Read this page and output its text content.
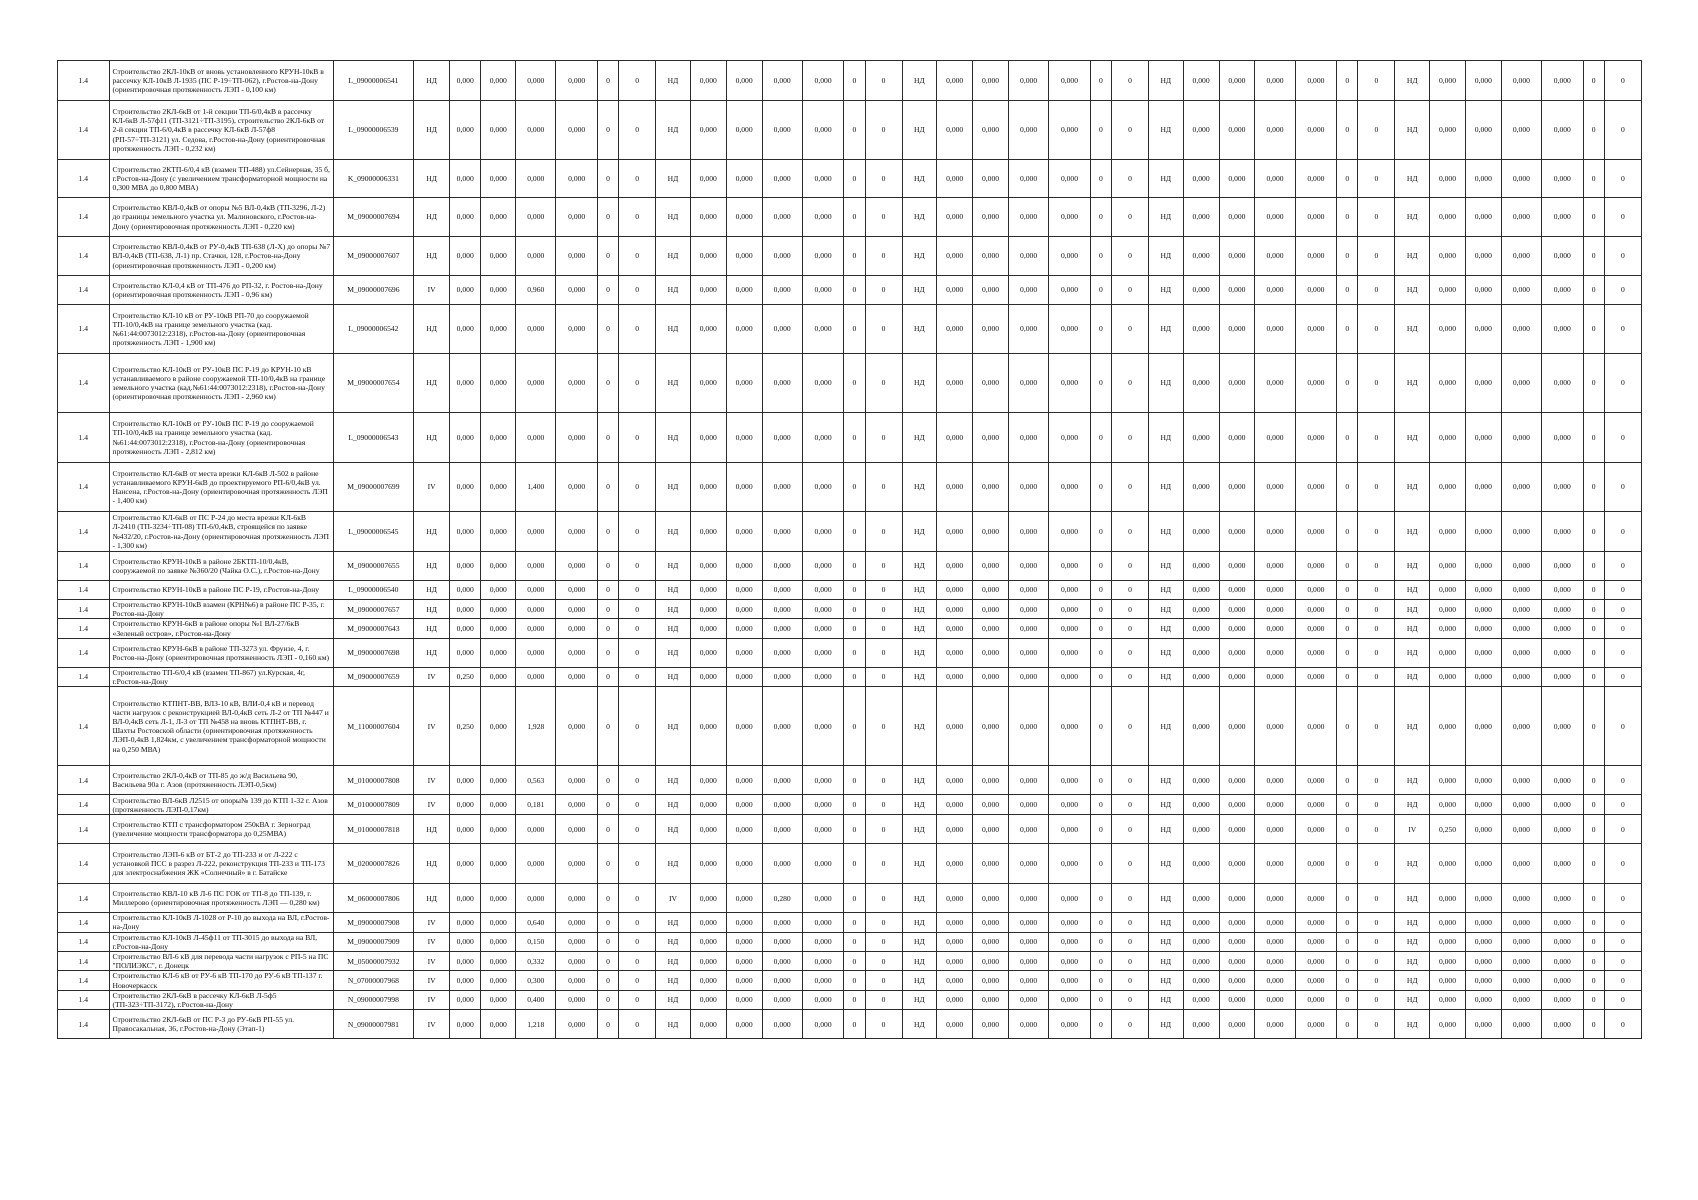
1.4	Строительство 2КЛ-10кВ от вновь установленного КРУН-10кВ в рассечку КЛ-10кВ Л-1935 (ПС Р-19÷ТП-062), г.Ростов-на-Дону (ориентировочная протяженность ЛЭП - 0,100 км)	L_09000006541	НД	0,000	0,000	0,000	0,000	0	0	НД	0,000	0,000	0,000	0,000	0	0	НД	0,000	0,000	0,000	0,000	0	0	НД	0,000	0,000	0,000	0,000	0	0	НД	0,000	0,000	0,000	0,000	0	0
1.4	Строительство 2КЛ-6кВ от 1-й секции ТП-6/0,4кВ в рассечку КЛ-6кВ Л-57ф11 (ТП-3121÷ТП-3195), строительство 2КЛ-6кВ от 2-й секции ТП-6/0,4кВ в рассечку КЛ-6кВ Л-57ф8 (РП-57÷ТП-3121) ул. Седова, г.Ростов-на-Дону (ориентировочная протяженность ЛЭП - 0,232 км)	L_09000006539	НД	0,000	0,000	0,000	0,000	0	0	НД	0,000	0,000	0,000	0,000	0	0	НД	0,000	0,000	0,000	0,000	0	0	НД	0,000	0,000	0,000	0,000	0	0	НД	0,000	0,000	0,000	0,000	0	0
1.4	Строительство 2КТП-6/0,4 кВ (взамен ТП-488) ул.Сейнерная, 35 б, г.Ростов-на-Дону (с увеличением трансформаторной мощности на 0,300 МВА до 0,800 МВА)	K_09000006331	НД	0,000	0,000	0,000	0,000	0	0	НД	0,000	0,000	0,000	0,000	0	0	НД	0,000	0,000	0,000	0,000	0	0	НД	0,000	0,000	0,000	0,000	0	0	НД	0,000	0,000	0,000	0,000	0	0
1.4	Строительство КВЛ-0,4кВ от опоры №5 ВЛ-0,4кВ (ТП-3296, Л-2) до границы земельного участка ул. Малиновского, г.Ростов-на-Дону (ориентировочная протяженность ЛЭП - 0,220 км)	M_09000007694	НД	0,000	0,000	0,000	0,000	0	0	НД	0,000	0,000	0,000	0,000	0	0	НД	0,000	0,000	0,000	0,000	0	0	НД	0,000	0,000	0,000	0,000	0	0	НД	0,000	0,000	0,000	0,000	0	0
1.4	Строительство КВЛ-0,4кВ от РУ-0,4кВ ТП-638 (Л-Х) до опоры №7 ВЛ-0,4кВ (ТП-638, Л-1) пр. Стачки, 128, г.Ростов-на-Дону (ориентировочная протяженность ЛЭП - 0,200 км)	M_09000007607	НД	0,000	0,000	0,000	0,000	0	0	НД	0,000	0,000	0,000	0,000	0	0	НД	0,000	0,000	0,000	0,000	0	0	НД	0,000	0,000	0,000	0,000	0	0	НД	0,000	0,000	0,000	0,000	0	0
1.4	Строительство КЛ-0,4 кВ от ТП-476 до РП-32, г. Ростов-на-Дону (ориентировочная протяженность ЛЭП - 0,96 км)	M_09000007696	IV	0,000	0,000	0,960	0,000	0	0	НД	0,000	0,000	0,000	0,000	0	0	НД	0,000	0,000	0,000	0,000	0	0	НД	0,000	0,000	0,000	0,000	0	0	НД	0,000	0,000	0,000	0,000	0	0
1.4	Строительство КЛ-10 кВ от РУ-10кВ РП-70 до сооружаемой ТП-10/0,4кВ на границе земельного участка (кад.№61:44:0073012:2318), г.Ростов-на-Дону (ориентировочная протяженность ЛЭП - 1,900 км)	L_09000006542	НД	0,000	0,000	0,000	0,000	0	0	НД	0,000	0,000	0,000	0,000	0	0	НД	0,000	0,000	0,000	0,000	0	0	НД	0,000	0,000	0,000	0,000	0	0	НД	0,000	0,000	0,000	0,000	0	0
1.4	Строительство КЛ-10кВ от РУ-10кВ ПС Р-19 до КРУН-10 кВ устанавливаемого в районе сооружаемой ТП-10/0,4кВ на границе земельного участка (кад.№61:44:0073012:2318), г.Ростов-на-Дону (ориентировочная протяженность ЛЭП - 2,960 км)	M_09000007654	НД	0,000	0,000	0,000	0,000	0	0	НД	0,000	0,000	0,000	0,000	0	0	НД	0,000	0,000	0,000	0,000	0	0	НД	0,000	0,000	0,000	0,000	0	0	НД	0,000	0,000	0,000	0,000	0	0
1.4	Строительство КЛ-10кВ от РУ-10кВ ПС Р-19 до сооружаемой ТП-10/0,4кВ на границе земельного участка (кад.№61:44:0073012:2318), г.Ростов-на-Дону (ориентировочная протяженность ЛЭП - 2,812 км)	L_09000006543	НД	0,000	0,000	0,000	0,000	0	0	НД	0,000	0,000	0,000	0,000	0	0	НД	0,000	0,000	0,000	0,000	0	0	НД	0,000	0,000	0,000	0,000	0	0	НД	0,000	0,000	0,000	0,000	0	0
1.4	Строительство КЛ-6кВ от места врезки КЛ-6кВ Л-502 в районе устанавливаемого КРУН-6кВ до проектируемого РП-6/0,4кВ ул. Нансена, г.Ростов-на-Дону (ориентировочная протяженность ЛЭП - 1,400 км)	M_09000007699	IV	0,000	0,000	1,400	0,000	0	0	НД	0,000	0,000	0,000	0,000	0	0	НД	0,000	0,000	0,000	0,000	0	0	НД	0,000	0,000	0,000	0,000	0	0	НД	0,000	0,000	0,000	0,000	0	0
1.4	Строительство КЛ-6кВ от ПС Р-24 до места врезки КЛ-6кВ Л-2410 (ТП-3234÷ТП-08) ТП-6/0,4кВ, строящейся по заявке №432/20, г.Ростов-на-Дону (ориентировочная протяженность ЛЭП - 1,300 км)	L_09000006545	НД	0,000	0,000	0,000	0,000	0	0	НД	0,000	0,000	0,000	0,000	0	0	НД	0,000	0,000	0,000	0,000	0	0	НД	0,000	0,000	0,000	0,000	0	0	НД	0,000	0,000	0,000	0,000	0	0
1.4	Строительство КРУН-10кВ в районе 2БКТП-10/0,4кВ, сооружаемой по заявке №360/20 (Чайка О.С.), г.Ростов-на-Дону	M_09000007655	НД	0,000	0,000	0,000	0,000	0	0	НД	0,000	0,000	0,000	0,000	0	0	НД	0,000	0,000	0,000	0,000	0	0	НД	0,000	0,000	0,000	0,000	0	0	НД	0,000	0,000	0,000	0,000	0	0
1.4	Строительство КРУН-10кВ в районе ПС Р-19, г.Ростов-на-Дону	L_09000006540	НД	0,000	0,000	0,000	0,000	0	0	НД	0,000	0,000	0,000	0,000	0	0	НД	0,000	0,000	0,000	0,000	0	0	НД	0,000	0,000	0,000	0,000	0	0	НД	0,000	0,000	0,000	0,000	0	0
1.4	Строительство КРУН-10кВ взамен (КРН№6) в районе ПС Р-35, г. Ростов-на-Дону	M_09000007657	НД	0,000	0,000	0,000	0,000	0	0	НД	0,000	0,000	0,000	0,000	0	0	НД	0,000	0,000	0,000	0,000	0	0	НД	0,000	0,000	0,000	0,000	0	0	НД	0,000	0,000	0,000	0,000	0	0
1.4	Строительство КРУН-6кВ в районе опоры №1 ВЛ-27/6кВ «Зеленый остров», г.Ростов-на-Дону	M_09000007643	НД	0,000	0,000	0,000	0,000	0	0	НД	0,000	0,000	0,000	0,000	0	0	НД	0,000	0,000	0,000	0,000	0	0	НД	0,000	0,000	0,000	0,000	0	0	НД	0,000	0,000	0,000	0,000	0	0
1.4	Строительство КРУН-6кВ в районе ТП-3273 ул. Фрунзе, 4, г. Ростов-на-Дону (ориентировочная протяженность ЛЭП - 0,160 км)	M_09000007698	НД	0,000	0,000	0,000	0,000	0	0	НД	0,000	0,000	0,000	0,000	0	0	НД	0,000	0,000	0,000	0,000	0	0	НД	0,000	0,000	0,000	0,000	0	0	НД	0,000	0,000	0,000	0,000	0	0
1.4	Строительство ТП-6/0,4 кВ (взамен ТП-867) ул.Курская, 4г, г.Ростов-на-Дону	M_09000007659	IV	0,250	0,000	0,000	0,000	0	0	НД	0,000	0,000	0,000	0,000	0	0	НД	0,000	0,000	0,000	0,000	0	0	НД	0,000	0,000	0,000	0,000	0	0	НД	0,000	0,000	0,000	0,000	0	0
1.4	Строительство КТПНТ-ВВ, ВЛЗ-10 кВ, ВЛИ-0,4 кВ и перевод части нагрузок с реконструкцией ВЛ-0,4кВ сеть Л-2 от ТП №447 и ВЛ-0,4кВ сеть Л-1, Л-3 от ТП №458 на вновь КТПНТ-ВВ, г. Шахты Ростовской области (ориентировочная протяженность ЛЭП-0,4кВ 1,824км, с увеличением трансформаторной мощности на 0,250 МВА)	M_11000007604	IV	0,250	0,000	1,928	0,000	0	0	НД	0,000	0,000	0,000	0,000	0	0	НД	0,000	0,000	0,000	0,000	0	0	НД	0,000	0,000	0,000	0,000	0	0	НД	0,000	0,000	0,000	0,000	0	0
1.4	Строительство 2КЛ-0,4кВ от ТП-85 до ж/д Васильева 90, Васильева 90а г. Азов (протяженность ЛЭП-0,5км)	M_01000007808	IV	0,000	0,000	0,563	0,000	0	0	НД	0,000	0,000	0,000	0,000	0	0	НД	0,000	0,000	0,000	0,000	0	0	НД	0,000	0,000	0,000	0,000	0	0	НД	0,000	0,000	0,000	0,000	0	0
1.4	Строительство ВЛ-6кВ Л2515 от опоры№ 139 до КТП 1-32 г. Азов (протяженность ЛЭП-0,17км)	M_01000007809	IV	0,000	0,000	0,181	0,000	0	0	НД	0,000	0,000	0,000	0,000	0	0	НД	0,000	0,000	0,000	0,000	0	0	НД	0,000	0,000	0,000	0,000	0	0	НД	0,000	0,000	0,000	0,000	0	0
1.4	Строительство КТП с трансформатором 250кВА г. Зерноград (увеличение мощности трансформатора до 0,25МВА)	M_01000007818	НД	0,000	0,000	0,000	0,000	0	0	НД	0,000	0,000	0,000	0,000	0	0	НД	0,000	0,000	0,000	0,000	0	0	НД	0,000	0,000	0,000	0,000	0	0	IV	0,250	0,000	0,000	0,000	0	0
1.4	Строительство ЛЭП-6 кВ от БТ-2 до ТП-233 и от Л-222 с установкой ПСС в разрез Л-222, реконструкция ТП-233 и ТП-173 для электроснабжения ЖК «Солнечный» в г. Батайске	M_02000007826	НД	0,000	0,000	0,000	0,000	0	0	НД	0,000	0,000	0,000	0,000	0	0	НД	0,000	0,000	0,000	0,000	0	0	НД	0,000	0,000	0,000	0,000	0	0	НД	0,000	0,000	0,000	0,000	0	0
1.4	Строительство КВЛ-10 кВ Л-6 ПС ГОК от ТП-8 до ТП-139, г. Миллерово (ориентировочная протяженность ЛЭП — 0,280 км)	M_06000007806	НД	0,000	0,000	0,000	0,000	0	0	IV	0,000	0,000	0,280	0,000	0	0	НД	0,000	0,000	0,000	0,000	0	0	НД	0,000	0,000	0,000	0,000	0	0	НД	0,000	0,000	0,000	0,000	0	0
1.4	Строительство КЛ-10кВ Л-1028 от Р-10 до выхода на ВЛ, г.Ростов-на-Дону	M_09000007908	IV	0,000	0,000	0,640	0,000	0	0	НД	0,000	0,000	0,000	0,000	0	0	НД	0,000	0,000	0,000	0,000	0	0	НД	0,000	0,000	0,000	0,000	0	0	НД	0,000	0,000	0,000	0,000	0	0
1.4	Строительство КЛ-10кВ Л-45ф11 от ТП-3015 до выхода на ВЛ, г.Ростов-на-Дону	M_09000007909	IV	0,000	0,000	0,150	0,000	0	0	НД	0,000	0,000	0,000	0,000	0	0	НД	0,000	0,000	0,000	0,000	0	0	НД	0,000	0,000	0,000	0,000	0	0	НД	0,000	0,000	0,000	0,000	0	0
1.4	Строительство ВЛ-6 кВ для перевода части нагрузок с РП-5 на ПС "ПОЛИЭКС", г. Донецк	M_05000007932	IV	0,000	0,000	0,332	0,000	0	0	НД	0,000	0,000	0,000	0,000	0	0	НД	0,000	0,000	0,000	0,000	0	0	НД	0,000	0,000	0,000	0,000	0	0	НД	0,000	0,000	0,000	0,000	0	0
1.4	Строительство КЛ-6 кВ от РУ-6 кВ ТП-170 до РУ-6 кВ ТП-137 г. Новочеркасск	N_07000007968	IV	0,000	0,000	0,300	0,000	0	0	НД	0,000	0,000	0,000	0,000	0	0	НД	0,000	0,000	0,000	0,000	0	0	НД	0,000	0,000	0,000	0,000	0	0	НД	0,000	0,000	0,000	0,000	0	0
1.4	Строительство 2КЛ-6кВ в рассечку КЛ-6кВ Л-5ф5 (ТП-323÷ТП-3172), г.Ростов-на-Дону	N_09000007998	IV	0,000	0,000	0,400	0,000	0	0	НД	0,000	0,000	0,000	0,000	0	0	НД	0,000	0,000	0,000	0,000	0	0	НД	0,000	0,000	0,000	0,000	0	0	НД	0,000	0,000	0,000	0,000	0	0
1.4	Строительство 2КЛ-6кВ от ПС Р-3 до РУ-6кВ РП-55 ул. Правосакальная, 36, г.Ростов-на-Дону (Этап-1)	N_09000007981	IV	0,000	0,000	1,218	0,000	0	0	НД	0,000	0,000	0,000	0,000	0	0	НД	0,000	0,000	0,000	0,000	0	0	НД	0,000	0,000	0,000	0,000	0	0	НД	0,000	0,000	0,000	0,000	0	0
